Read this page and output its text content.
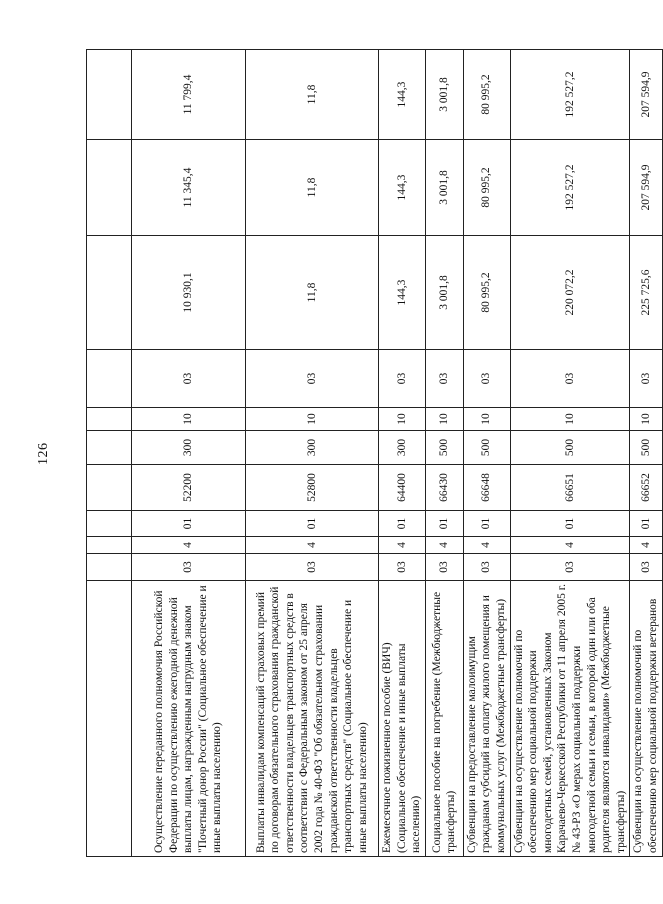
126

Осуществление переданного полномочия Российской Федерации по осуществлению ежегодной денежной выплаты лицам, награжденным нагрудным знаком "Почетный донор России" (Социальное обеспечение и иные выплаты населению)	03	4	01	52200	300	10	03	10 930,1	11 345,4	11 799,4
Выплаты инвалидам компенсаций страховых премий по договорам обязательного страхования гражданской ответственности владельцев транспортных средств в соответствии с Федеральным законом от 25 апреля 2002 года № 40-ФЗ "Об обязательном страховании гражданской ответственности владельцев транспортных средств" (Социальное обеспечение и иные выплаты населению)	03	4	01	52800	300	10	03	11,8	11,8	11,8
Ежемесячное пожизненное пособие (ВИЧ) (Социальное обеспечение и иные выплаты населению)	03	4	01	64400	300	10	03	144,3	144,3	144,3
Социальное пособие на погребение (Межбюджетные трансферты)	03	4	01	66430	500	10	03	3 001,8	3 001,8	3 001,8
Субвенции на предоставление малоимущим гражданам субсидий на оплату жилого помещения и коммунальных услуг (Межбюджетные трансферты)	03	4	01	66648	500	10	03	80 995,2	80 995,2	80 995,2
Субвенции на осуществление полномочий по обеспечению мер социальной поддержки многодетных семей, установленных Законом Карачаево-Черкесской Республики от 11 апреля 2005 г. № 43-РЗ «О мерах социальной поддержки многодетной семьи и семьи, в которой один или оба родителя являются инвалидами» (Межбюджетные трансферты)	03	4	01	66651	500	10	03	220 072,2	192 527,2	192 527,2
Субвенции на осуществление полномочий по обеспечению мер социальной поддержки ветеранов	03	4	01	66652	500	10	03	225 725,6	207 594,9	207 594,9
